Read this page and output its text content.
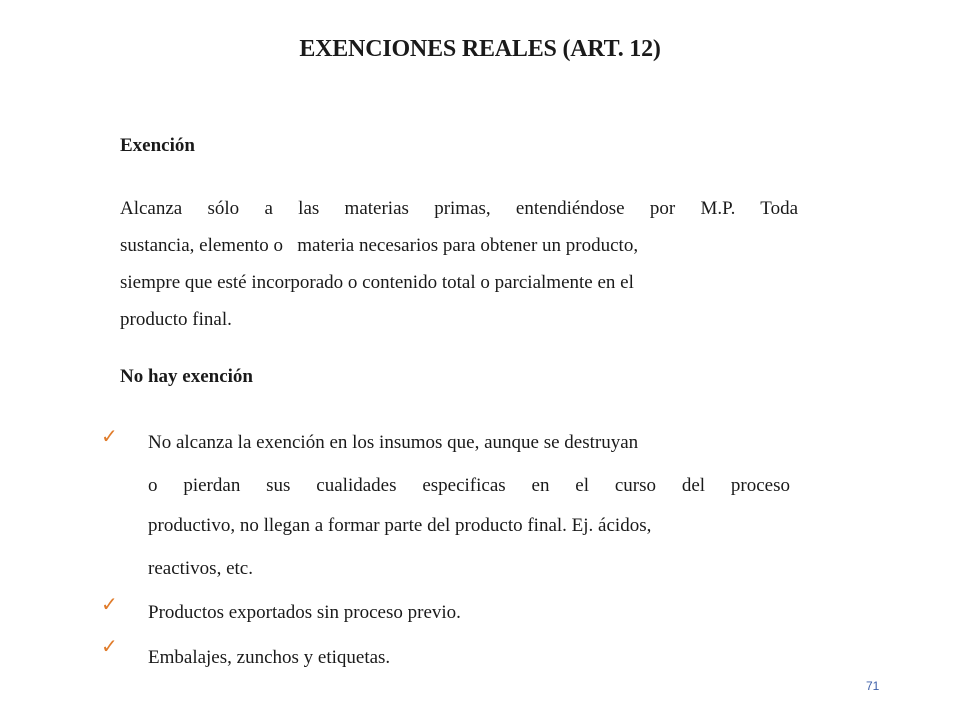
EXENCIONES REALES (ART. 12)
Exención
Alcanza sólo a las materias primas, entendiéndose por M.P. Toda
sustancia, elemento o   materia necesarios para obtener un producto,
siempre que esté incorporado o contenido total o parcialmente en el
producto final.
No hay exención
✓ No alcanza la exención en los insumos que, aunque se destruyan
o pierdan sus cualidades especificas en el curso del proceso
productivo, no llegan a formar parte del producto final. Ej. ácidos,
reactivos, etc.
✓ Productos exportados sin proceso previo.
✓ Embalajes, zunchos y etiquetas.
71
